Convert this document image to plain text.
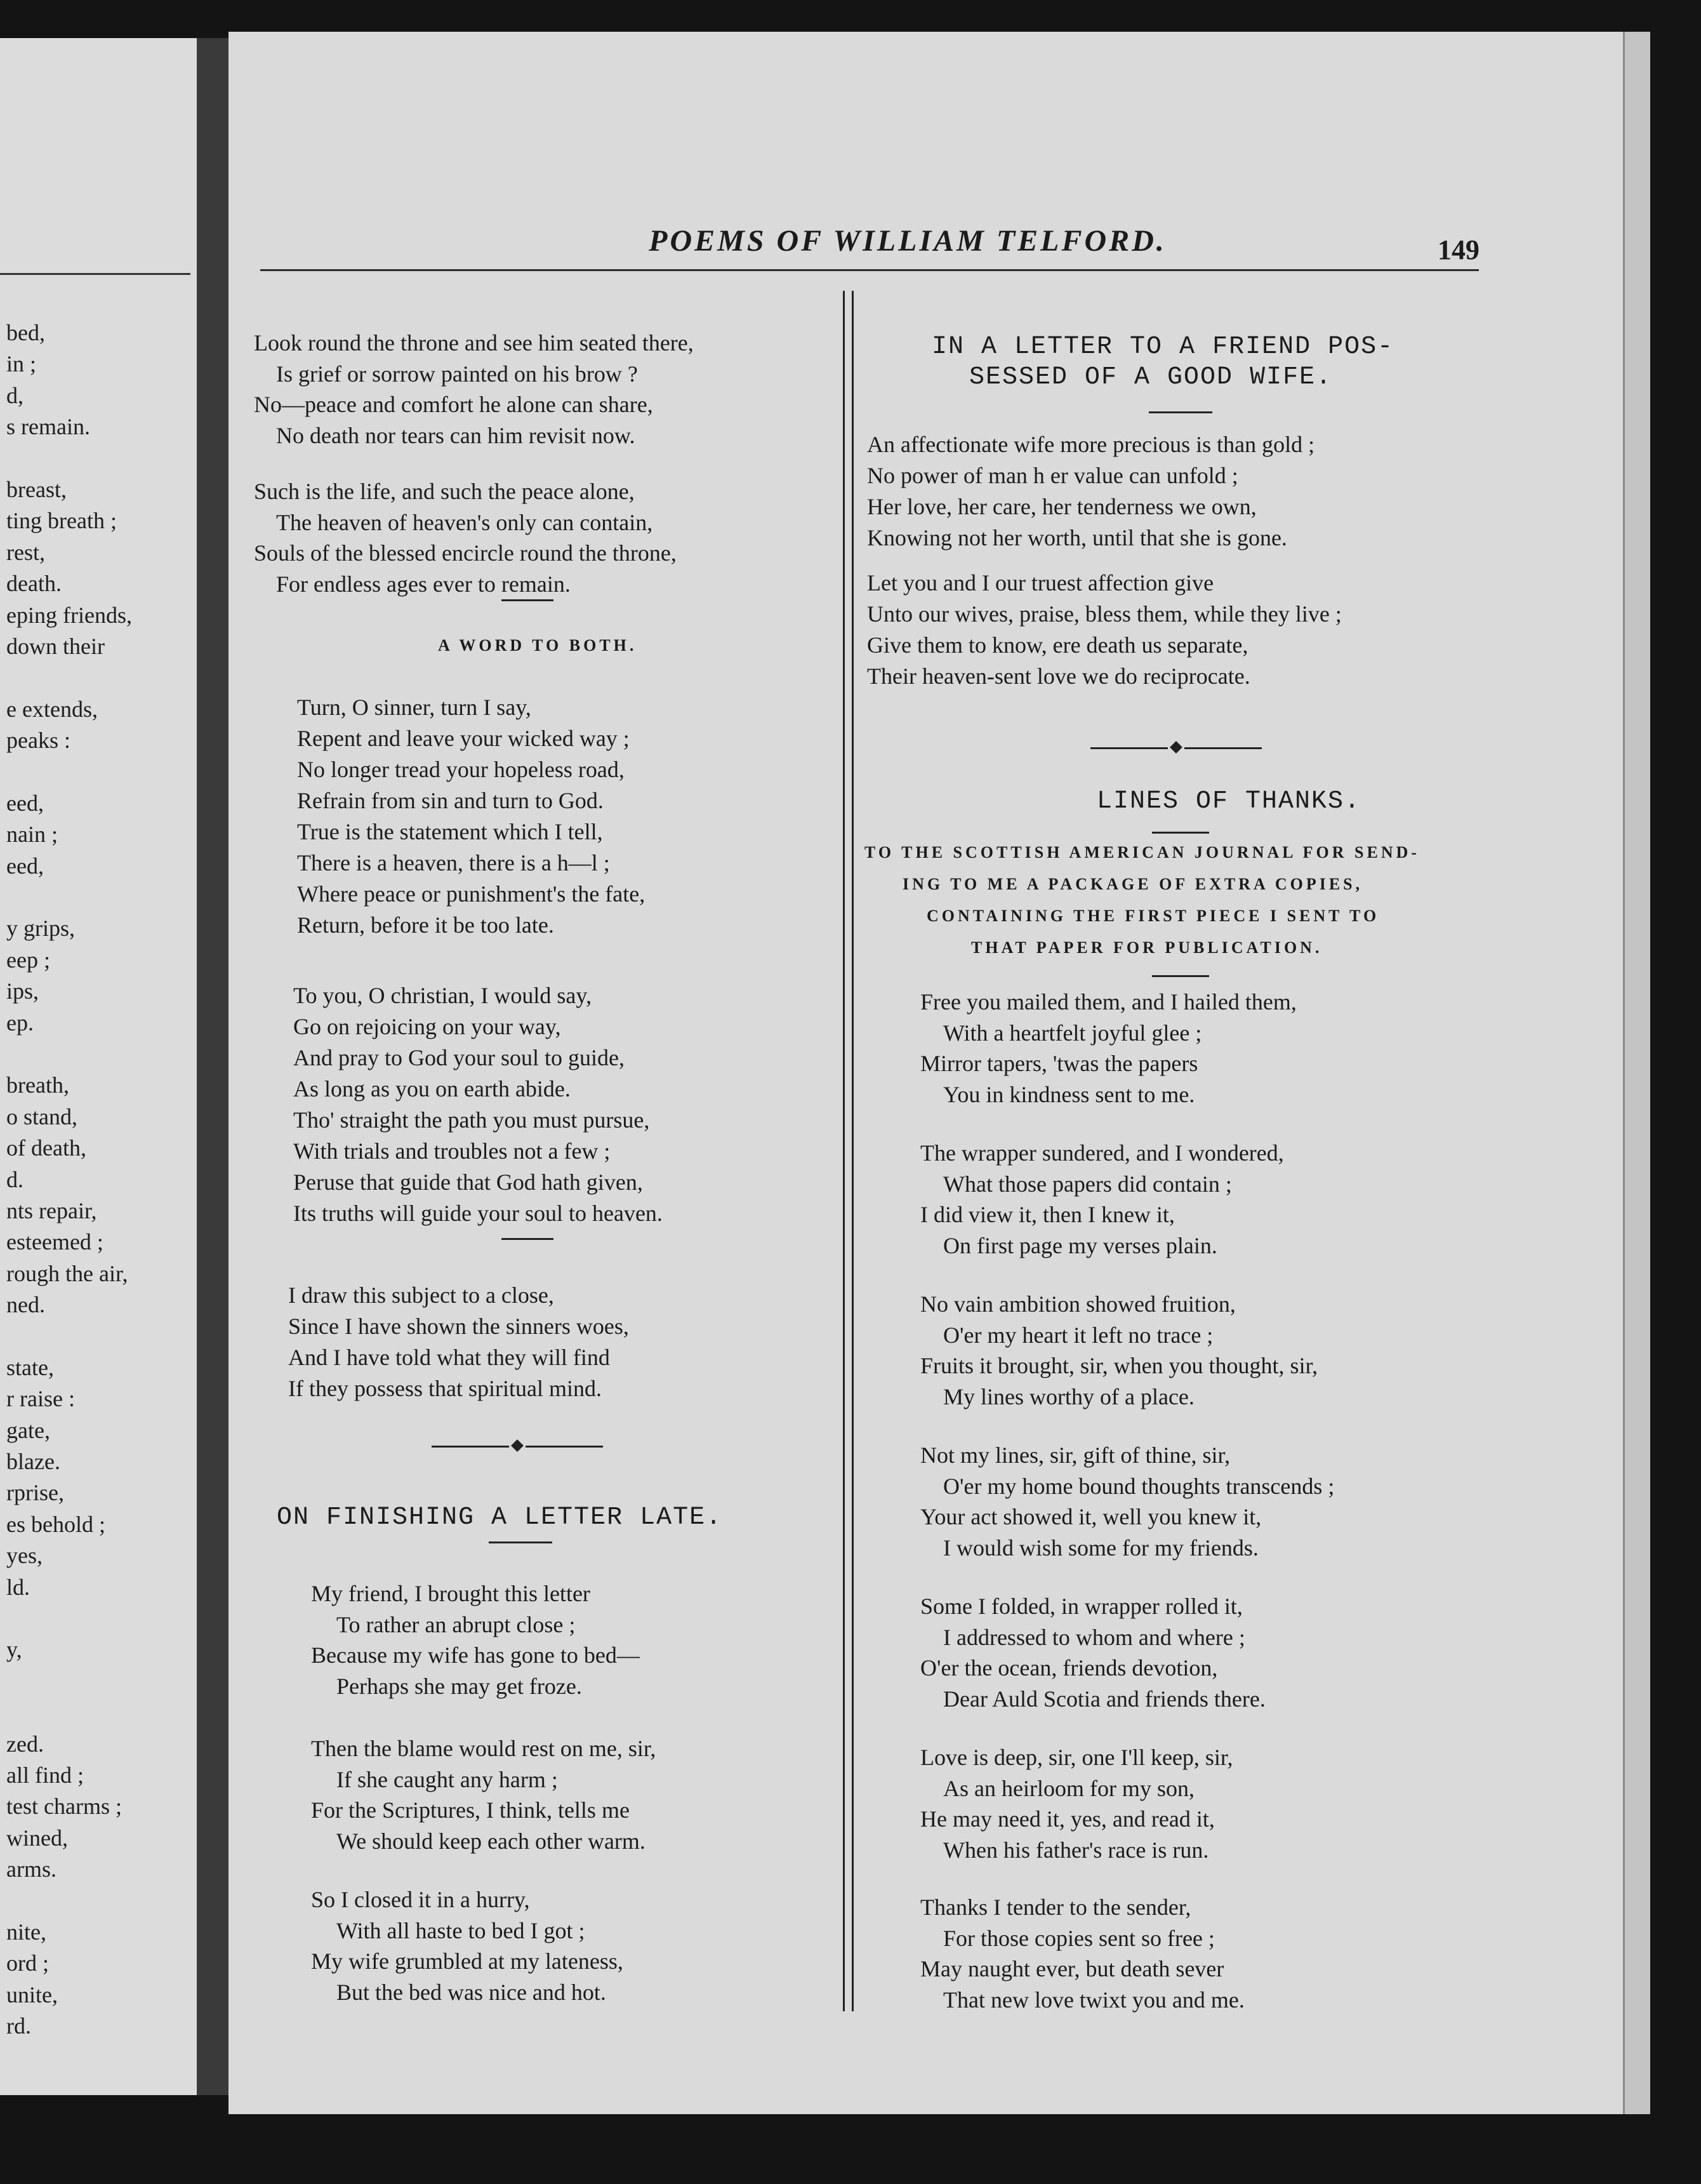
bed,
in ;
d,
s remain.
breast,
ting breath ;
rest,
death.
eping friends,
down their
e extends,
peaks :
eed,
nain ;
eed,
y grips,
eep ;
ips,
ep.
breath,
o stand,
of death,
d.
nts repair,
esteemed ;
rough the air,
ned.
state,
r raise :
gate,
blaze.
rprise,
es behold ;
yes,
ld.
y,
zed.
all find ;
test charms ;
wined,
arms.
nite,
ord ;
unite,
rd.
POEMS OF WILLIAM TELFORD.	149
A WORD TO BOTH.
ON FINISHING A LETTER LATE.
Look round the throne and see him seated there,
Is grief or sorrow painted on his brow ?
No—peace and comfort he alone can share,
No death nor tears can him revisit now.
Such is the life, and such the peace alone,
The heaven of heaven's only can contain,
Souls of the blessed encircle round the throne,
For endless ages ever to remain.
Turn, O sinner, turn I say,
Repent and leave your wicked way ;
No longer tread your hopeless road,
Refrain from sin and turn to God.
True is the statement which I tell,
There is a heaven, there is a h—l ;
Where peace or punishment's the fate,
Return, before it be too late.
To you, O christian, I would say,
Go on rejoicing on your way,
And pray to God your soul to guide,
As long as you on earth abide.
Tho' straight the path you must pursue,
With trials and troubles not a few ;
Peruse that guide that God hath given,
Its truths will guide your soul to heaven.
I draw this subject to a close,
Since I have shown the sinners woes,
And I have told what they will find
If they possess that spiritual mind.
My friend, I brought this letter
To rather an abrupt close ;
Because my wife has gone to bed—
Perhaps she may get froze.
Then the blame would rest on me, sir,
If she caught any harm ;
For the Scriptures, I think, tells me
We should keep each other warm.
So I closed it in a hurry,
With all haste to bed I got ;
My wife grumbled at my lateness,
But the bed was nice and hot.
IN A LETTER TO A FRIEND POS-
SESSED OF A GOOD WIFE.
LINES OF THANKS.
An affectionate wife more precious is than gold ;
No power of man h er value can unfold ;
Her love, her care, her tenderness we own,
Knowing not her worth, until that she is gone.
Let you and I our truest affection give
Unto our wives, praise, bless them, while they live ;
Give them to know, ere death us separate,
Their heaven-sent love we do reciprocate.
TO THE SCOTTISH AMERICAN JOURNAL FOR SEND-
ING TO ME A PACKAGE OF EXTRA COPIES,
CONTAINING THE FIRST PIECE I SENT TO
THAT PAPER FOR PUBLICATION.
Free you mailed them, and I hailed them,
With a heartfelt joyful glee ;
Mirror tapers, 'twas the papers
You in kindness sent to me.
The wrapper sundered, and I wondered,
What those papers did contain ;
I did view it, then I knew it,
On first page my verses plain.
No vain ambition showed fruition,
O'er my heart it left no trace ;
Fruits it brought, sir, when you thought, sir,
My lines worthy of a place.
Not my lines, sir, gift of thine, sir,
O'er my home bound thoughts transcends ;
Your act showed it, well you knew it,
I would wish some for my friends.
Some I folded, in wrapper rolled it,
I addressed to whom and where ;
O'er the ocean, friends devotion,
Dear Auld Scotia and friends there.
Love is deep, sir, one I'll keep, sir,
As an heirloom for my son,
He may need it, yes, and read it,
When his father's race is run.
Thanks I tender to the sender,
For those copies sent so free ;
May naught ever, but death sever
That new love twixt you and me.
